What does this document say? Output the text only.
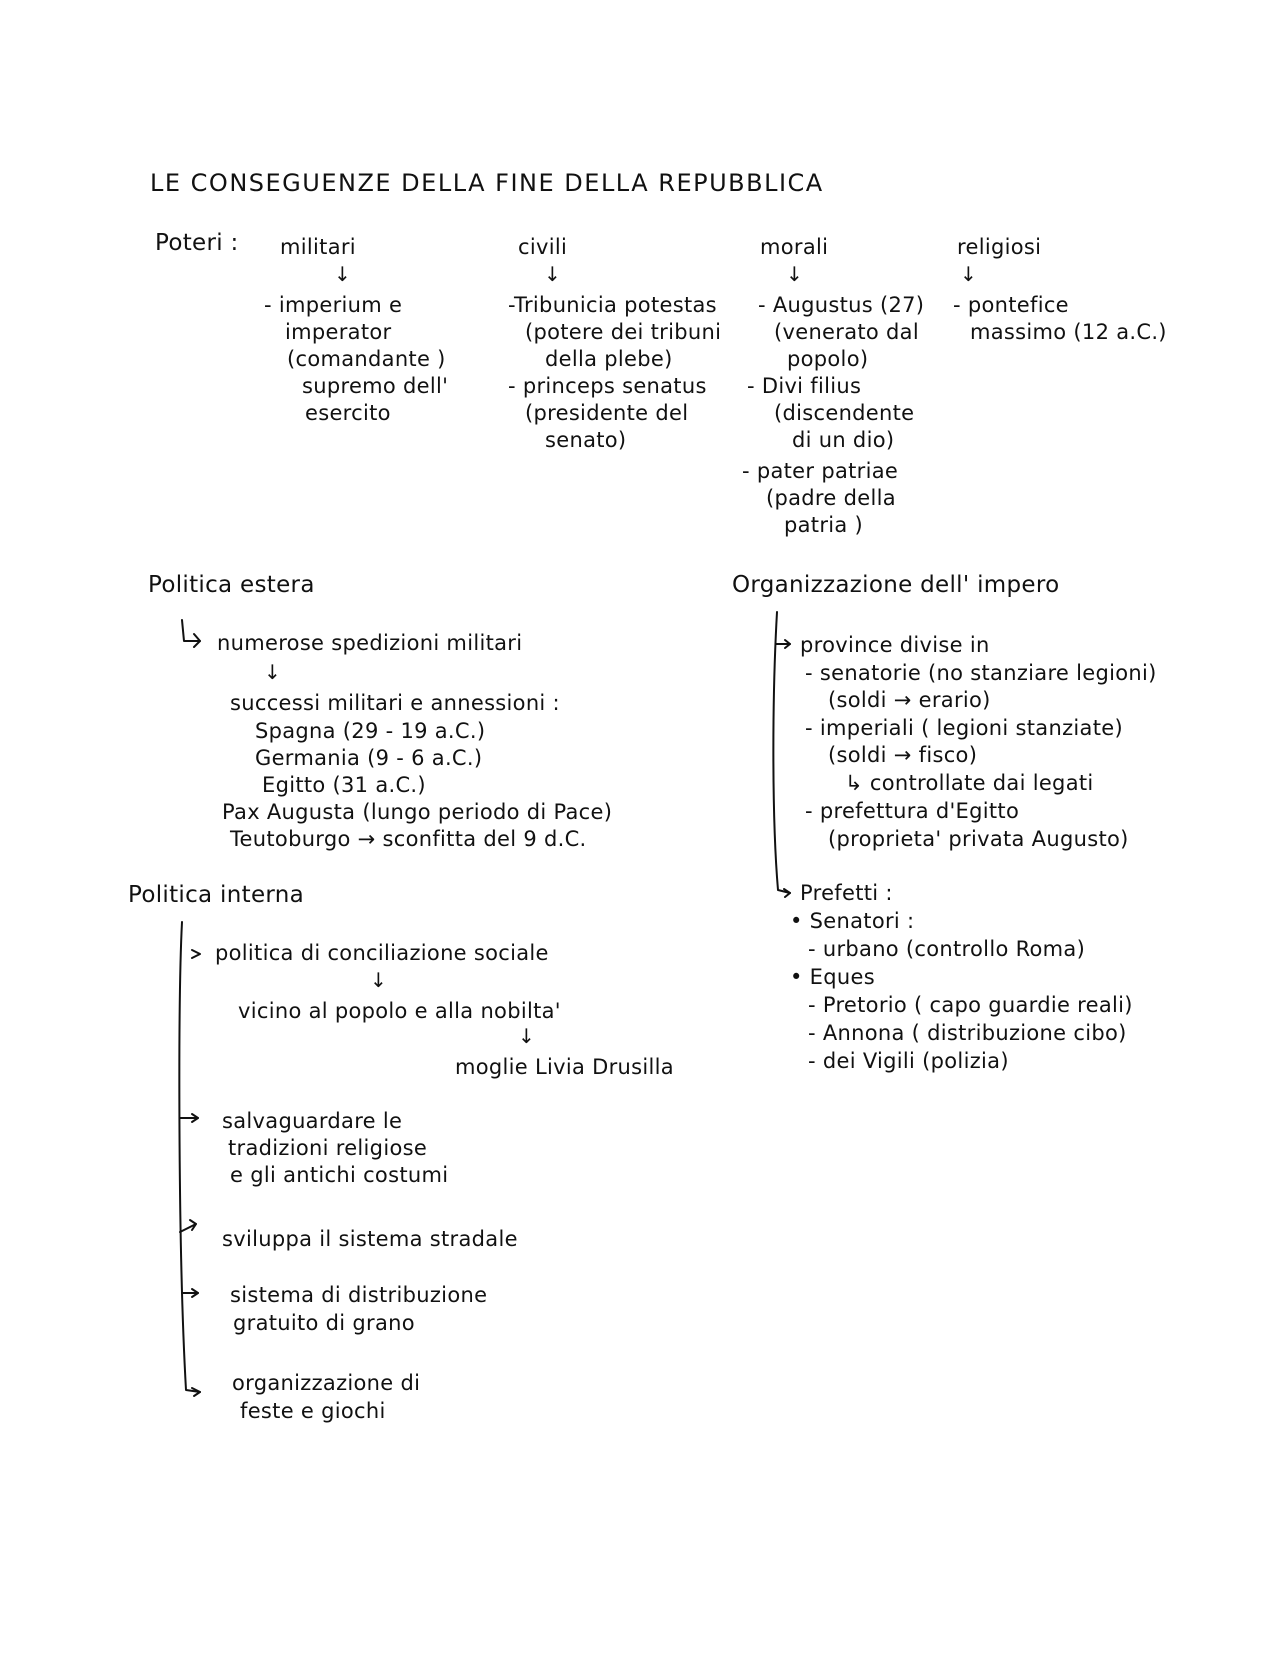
LE CONSEGUENZE DELLA FINE DELLA REPUBBLICA
Poteri : militari
↓
- imperium e
imperator
(comandante )
supremo dell'
esercito
civili
↓
-Tribunicia potestas
(potere dei tribuni
della plebe)
- princeps senatus
(presidente del
senato)
morali
↓
- Augustus (27)
(venerato dal
popolo)
- Divi filius
(discendente
di un dio)
- pater patriae
(padre della
patria )
religiosi
↓
- pontefice
massimo (12 a.C.)
Politica estera
numerose spedizioni militari
↓
successi militari e annessioni :
Spagna (29 - 19 a.C.)
Germania (9 - 6 a.C.)
Egitto (31 a.C.)
Pax Augusta (lungo periodo di Pace)
Teutoburgo → sconfitta del 9 d.C.
Politica interna
politica di conciliazione sociale
↓
vicino al popolo e alla nobilta'
↓
moglie Livia Drusilla
salvaguardare le
tradizioni religiose
e gli antichi costumi
sviluppa il sistema stradale
sistema di distribuzione
gratuito di grano
organizzazione di
feste e giochi
Organizzazione dell' impero
province divise in
- senatorie (no stanziare legioni)
(soldi → erario)
- imperiali ( legioni stanziate)
(soldi → fisco)
↳ controllate dai legati
- prefettura d'Egitto
(proprieta' privata Augusto)
Prefetti :
• Senatori :
- urbano (controllo Roma)
• Eques
- Pretorio ( capo guardie reali)
- Annona ( distribuzione cibo)
- dei Vigili (polizia)
